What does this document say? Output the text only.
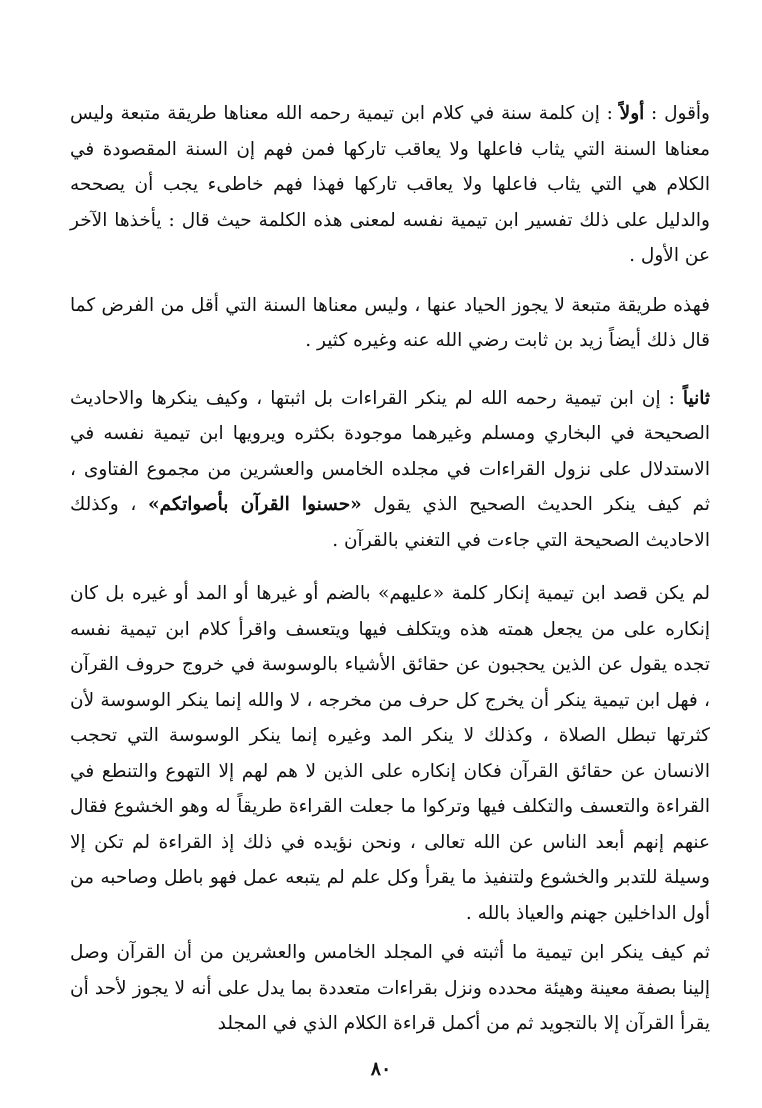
وأقول : أولاً : إن كلمة سنة في كلام ابن تيمية رحمه الله معناها طريقة متبعة وليس معناها السنة التي يثاب فاعلها ولا يعاقب تاركها فمن فهم إن السنة المقصودة في الكلام هي التي يثاب فاعلها ولا يعاقب تاركها فهذا فهم خاطىء يجب أن يصححه والدليل على ذلك تفسير ابن تيمية نفسه لمعنى هذه الكلمة حيث قال : يأخذها الآخر عن الأول .

فهذه طريقة متبعة لا يجوز الحياد عنها ، وليس معناها السنة التي أقل من الفرض كما قال ذلك أيضاً زيد بن ثابت رضي الله عنه وغيره كثير .

ثانياً : إن ابن تيمية رحمه الله لم ينكر القراءات بل اثبتها ، وكيف ينكرها والاحاديث الصحيحة في البخاري ومسلم وغيرهما موجودة بكثره ويرويها ابن تيمية نفسه في الاستدلال على نزول القراءات في مجلده الخامس والعشرين من مجموع الفتاوى ، ثم كيف ينكر الحديث الصحيح الذي يقول «حسنوا القرآن بأصواتكم» ، وكذلك الاحاديث الصحيحة التي جاءت في التغني بالقرآن .

لم يكن قصد ابن تيمية إنكار كلمة «عليهم» بالضم أو غيرها أو المد أو غيره بل كان إنكاره على من يجعل همته هذه ويتكلف فيها ويتعسف واقرأ كلام ابن تيمية نفسه تجده يقول عن الذين يحجبون عن حقائق الأشياء بالوسوسة في خروج حروف القرآن ، فهل ابن تيمية ينكر أن يخرج كل حرف من مخرجه ، لا والله إنما ينكر الوسوسة لأن كثرتها تبطل الصلاة ، وكذلك لا ينكر المد وغيره إنما ينكر الوسوسة التي تحجب الانسان عن حقائق القرآن فكان إنكاره على الذين لا هم لهم إلا التهوع والتنطع في القراءة والتعسف والتكلف فيها وتركوا ما جعلت القراءة طريقاً له وهو الخشوع فقال عنهم إنهم أبعد الناس عن الله تعالى ، ونحن نؤيده في ذلك إذ القراءة لم تكن إلا وسيلة للتدبر والخشوع ولتنفيذ ما يقرأ وكل علم لم يتبعه عمل فهو باطل وصاحبه من أول الداخلين جهنم والعياذ بالله .

ثم كيف ينكر ابن تيمية ما أثبته في المجلد الخامس والعشرين من أن القرآن وصل إلينا بصفة معينة وهيئة محدده ونزل بقراءات متعددة بما يدل على أنه لا يجوز لأحد أن يقرأ القرآن إلا بالتجويد ثم من أكمل قراءة الكلام الذي في المجلد

٨٠
